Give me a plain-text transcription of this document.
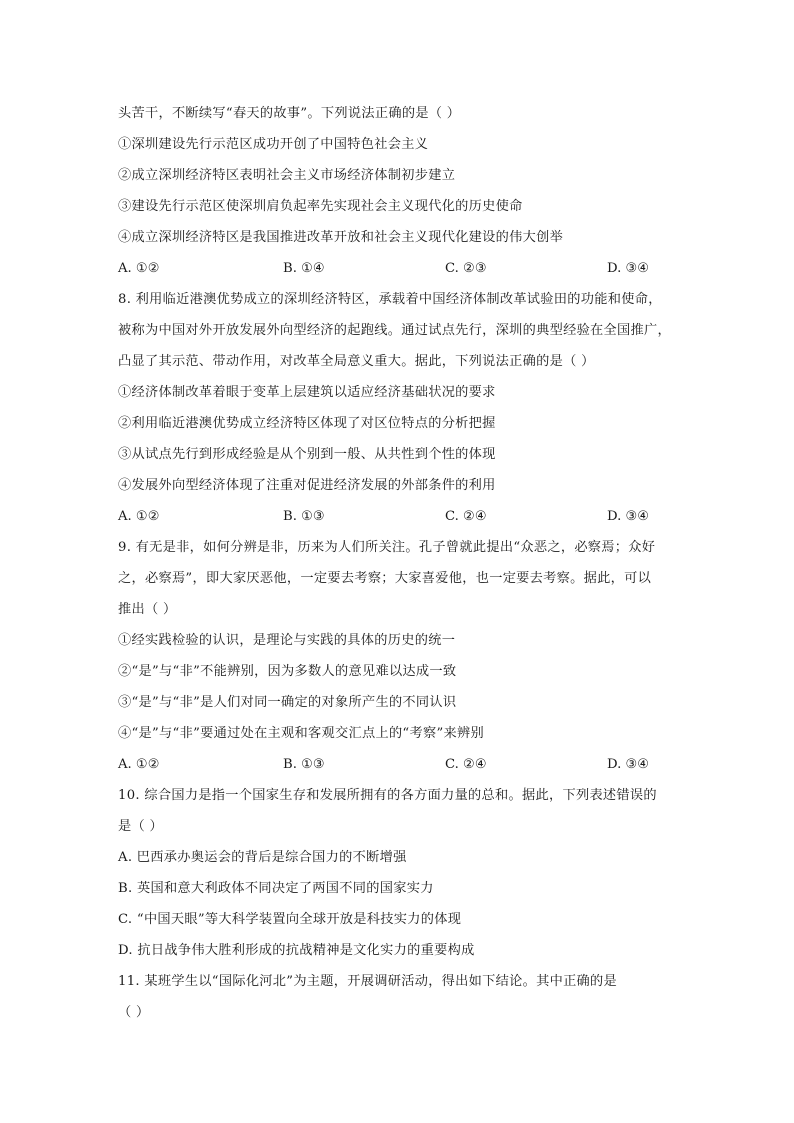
头苦干，不断续写“春天的故事”。下列说法正确的是（ ）
①深圳建设先行示范区成功开创了中国特色社会主义
②成立深圳经济特区表明社会主义市场经济体制初步建立
③建设先行示范区使深圳肩负起率先实现社会主义现代化的历史使命
④成立深圳经济特区是我国推进改革开放和社会主义现代化建设的伟大创举
A. ①②	B. ①④	C. ②③	D. ③④
8. 利用临近港澳优势成立的深圳经济特区，承载着中国经济体制改革试验田的功能和使命，
被称为中国对外开放发展外向型经济的起跑线。通过试点先行，深圳的典型经验在全国推广，
凸显了其示范、带动作用，对改革全局意义重大。据此，下列说法正确的是（ ）
①经济体制改革着眼于变革上层建筑以适应经济基础状况的要求
②利用临近港澳优势成立经济特区体现了对区位特点的分析把握
③从试点先行到形成经验是从个别到一般、从共性到个性的体现
④发展外向型经济体现了注重对促进经济发展的外部条件的利用
A. ①②	B. ①③	C. ②④	D. ③④
9. 有无是非，如何分辨是非，历来为人们所关注。孔子曾就此提出“众恶之，必察焉；众好
之，必察焉”，即大家厌恶他，一定要去考察；大家喜爱他，也一定要去考察。据此，可以
推出（ ）
①经实践检验的认识，是理论与实践的具体的历史的统一
②“是”与“非”不能辨别，因为多数人的意见难以达成一致
③“是”与“非”是人们对同一确定的对象所产生的不同认识
④“是”与“非”要通过处在主观和客观交汇点上的“考察”来辨别
A. ①②	B. ①③	C. ②④	D. ③④
10. 综合国力是指一个国家生存和发展所拥有的各方面力量的总和。据此，下列表述错误的
是（ ）
A. 巴西承办奥运会的背后是综合国力的不断增强
B. 英国和意大利政体不同决定了两国不同的国家实力
C. “中国天眼”等大科学装置向全球开放是科技实力的体现
D. 抗日战争伟大胜利形成的抗战精神是文化实力的重要构成
11. 某班学生以“国际化河北”为主题，开展调研活动，得出如下结论。其中正确的是
（ ）
